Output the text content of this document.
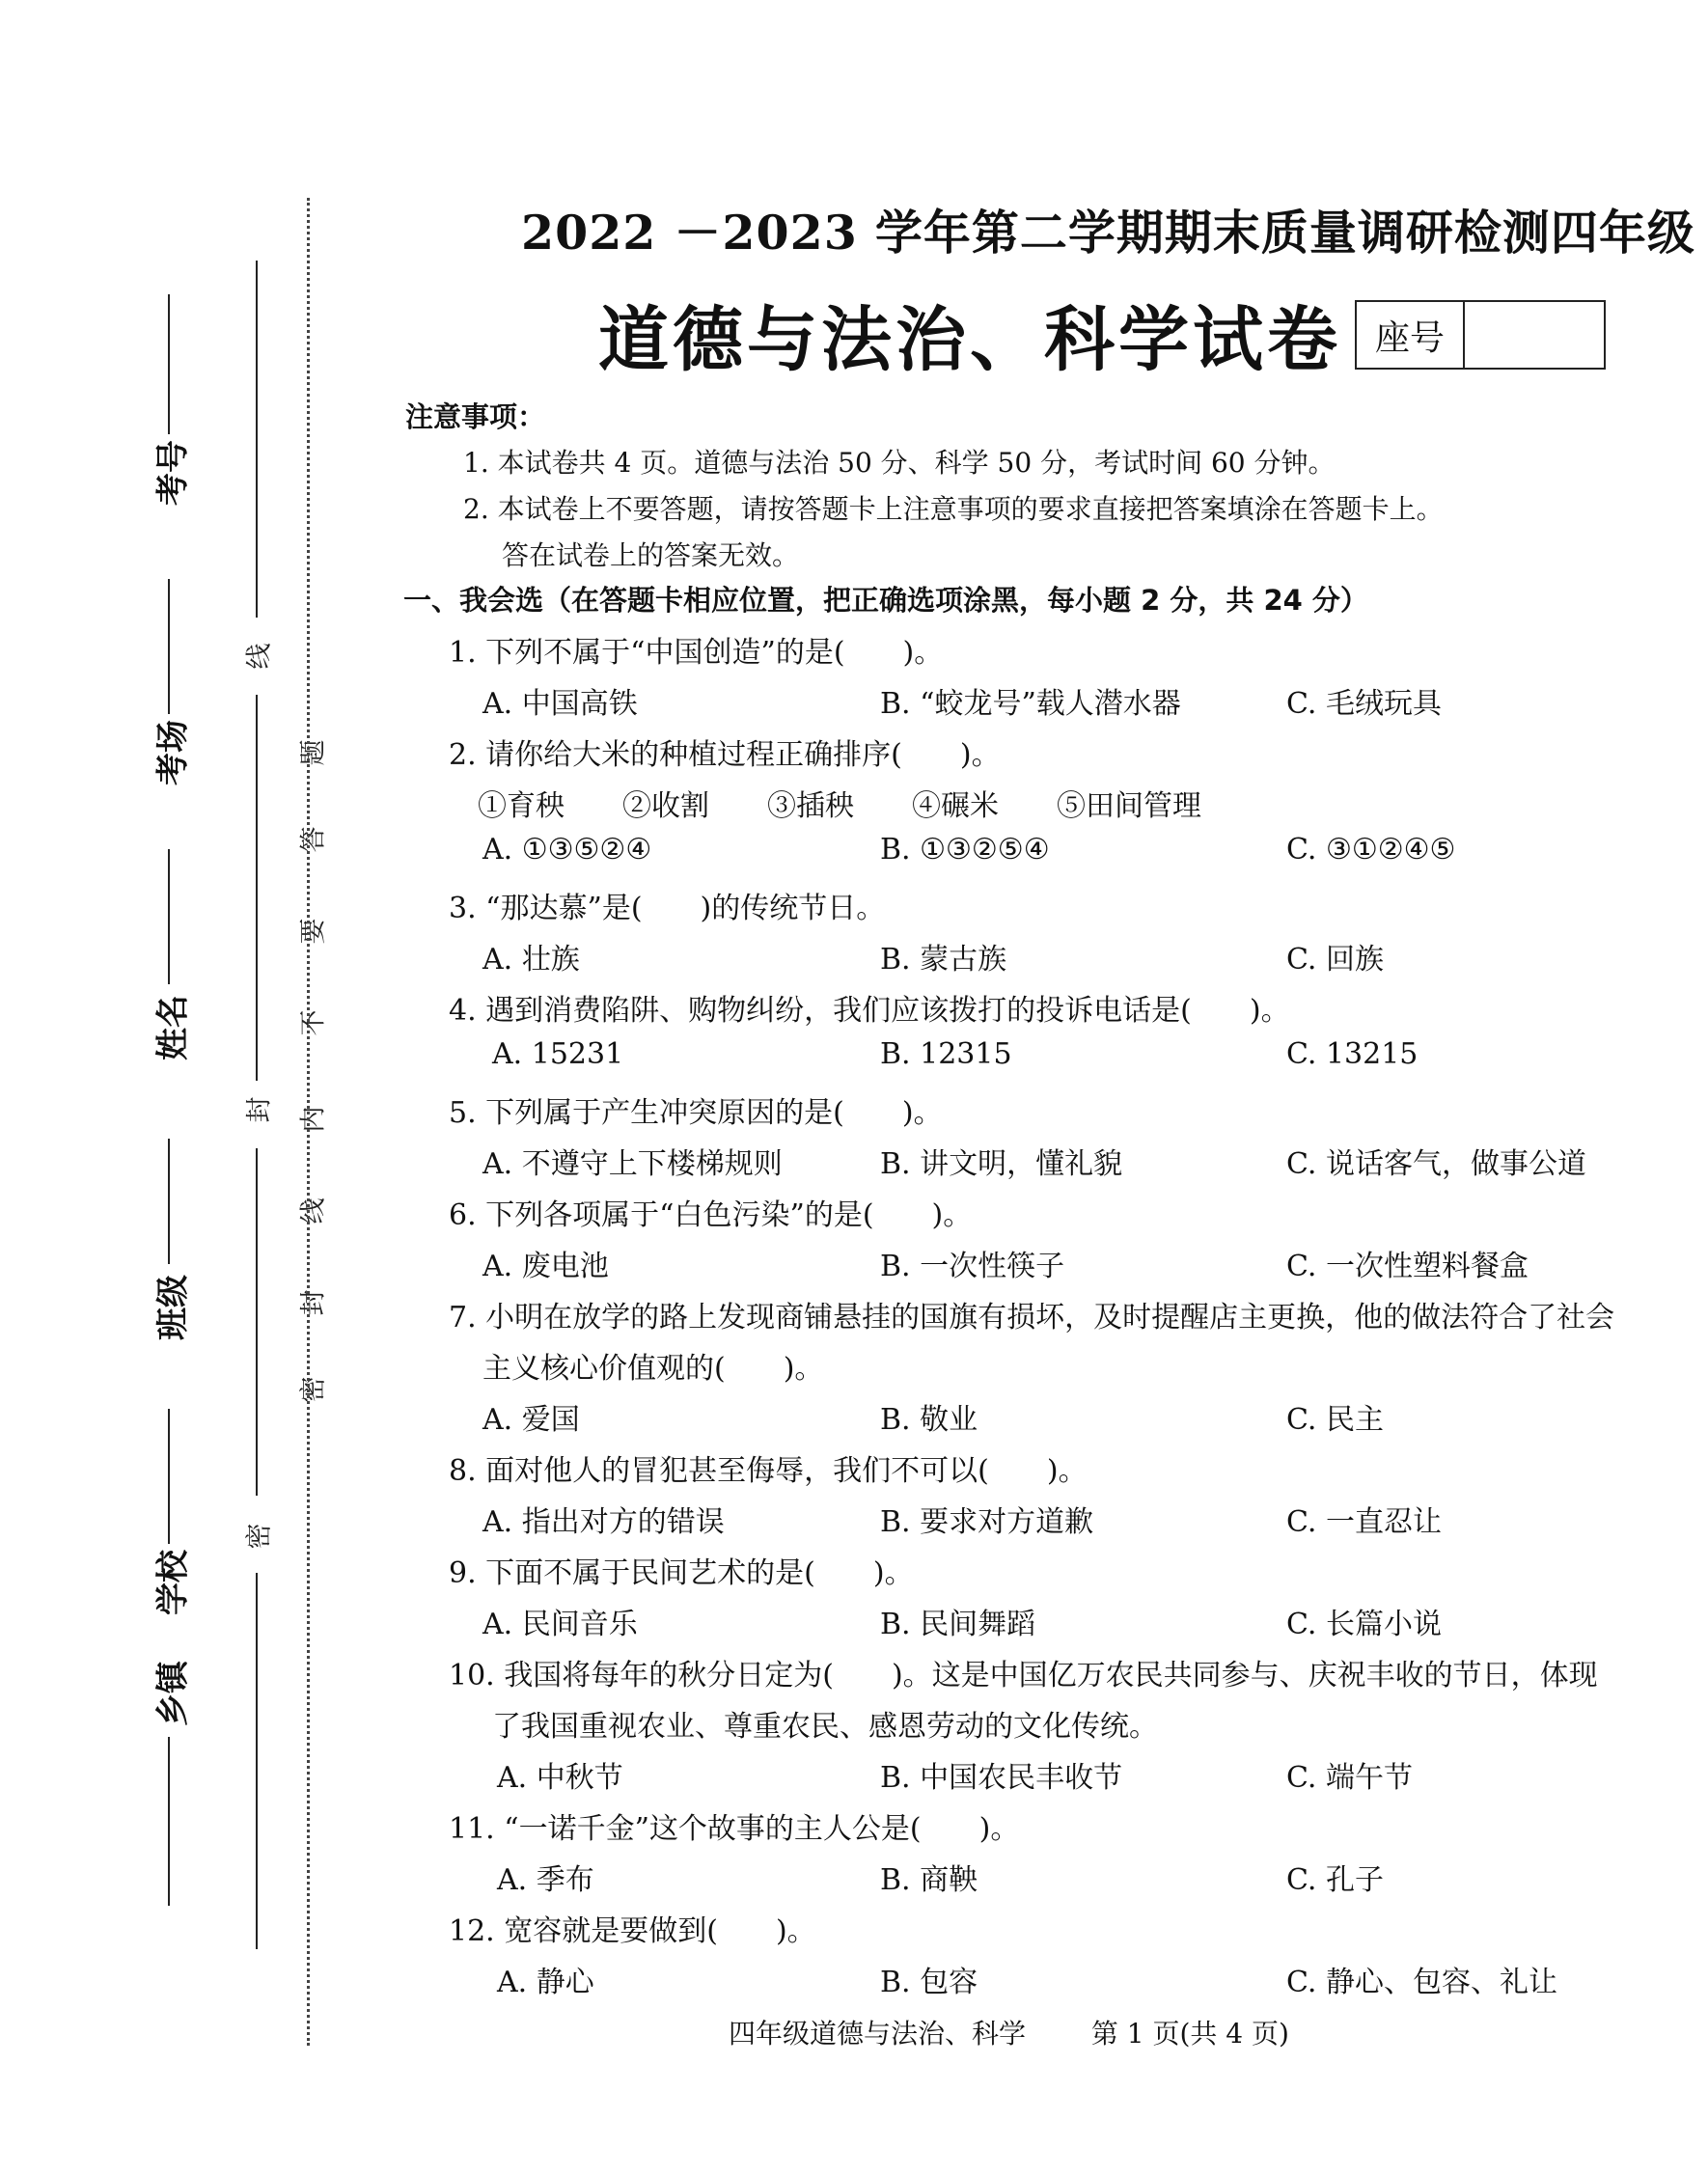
考号
考场
姓名
班级
学校
乡镇
线
封
密
题
答
要
不
内
线
封
密
2022 －2023 学年第二学期期末质量调研检测四年级
道德与法治、科学试卷 座号
注意事项：
1. 本试卷共 4 页。道德与法治 50 分、科学 50 分，考试时间 60 分钟。
2. 本试卷上不要答题，请按答题卡上注意事项的要求直接把答案填涂在答题卡上。
答在试卷上的答案无效。
一、我会选（在答题卡相应位置，把正确选项涂黑，每小题 2 分，共 24 分）
1. 下列不属于“中国创造”的是(　　)。
A. 中国高铁	B. “蛟龙号”载人潜水器	C. 毛绒玩具
2. 请你给大米的种植过程正确排序(　　)。
①育秧　　②收割　　③插秧　　④碾米　　⑤田间管理
A. ①③⑤②④	B. ①③②⑤④	C. ③①②④⑤
3. “那达慕”是(　　)的传统节日。
A. 壮族	B. 蒙古族	C. 回族
4. 遇到消费陷阱、购物纠纷，我们应该拨打的投诉电话是(　　)。
A. 15231	B. 12315	C. 13215
5. 下列属于产生冲突原因的是(　　)。
A. 不遵守上下楼梯规则	B. 讲文明，懂礼貌	C. 说话客气，做事公道
6. 下列各项属于“白色污染”的是(　　)。
A. 废电池	B. 一次性筷子	C. 一次性塑料餐盒
7. 小明在放学的路上发现商铺悬挂的国旗有损坏，及时提醒店主更换，他的做法符合了社会
主义核心价值观的(　　)。
A. 爱国	B. 敬业	C. 民主
8. 面对他人的冒犯甚至侮辱，我们不可以(　　)。
A. 指出对方的错误	B. 要求对方道歉	C. 一直忍让
9. 下面不属于民间艺术的是(　　)。
A. 民间音乐	B. 民间舞蹈	C. 长篇小说
10. 我国将每年的秋分日定为(　　)。这是中国亿万农民共同参与、庆祝丰收的节日，体现
了我国重视农业、尊重农民、感恩劳动的文化传统。
A. 中秋节	B. 中国农民丰收节	C. 端午节
11. “一诺千金”这个故事的主人公是(　　)。
A. 季布	B. 商鞅	C. 孔子
12. 宽容就是要做到(　　)。
A. 静心	B. 包容	C. 静心、包容、礼让
四年级道德与法治、科学 第 1 页(共 4 页)
